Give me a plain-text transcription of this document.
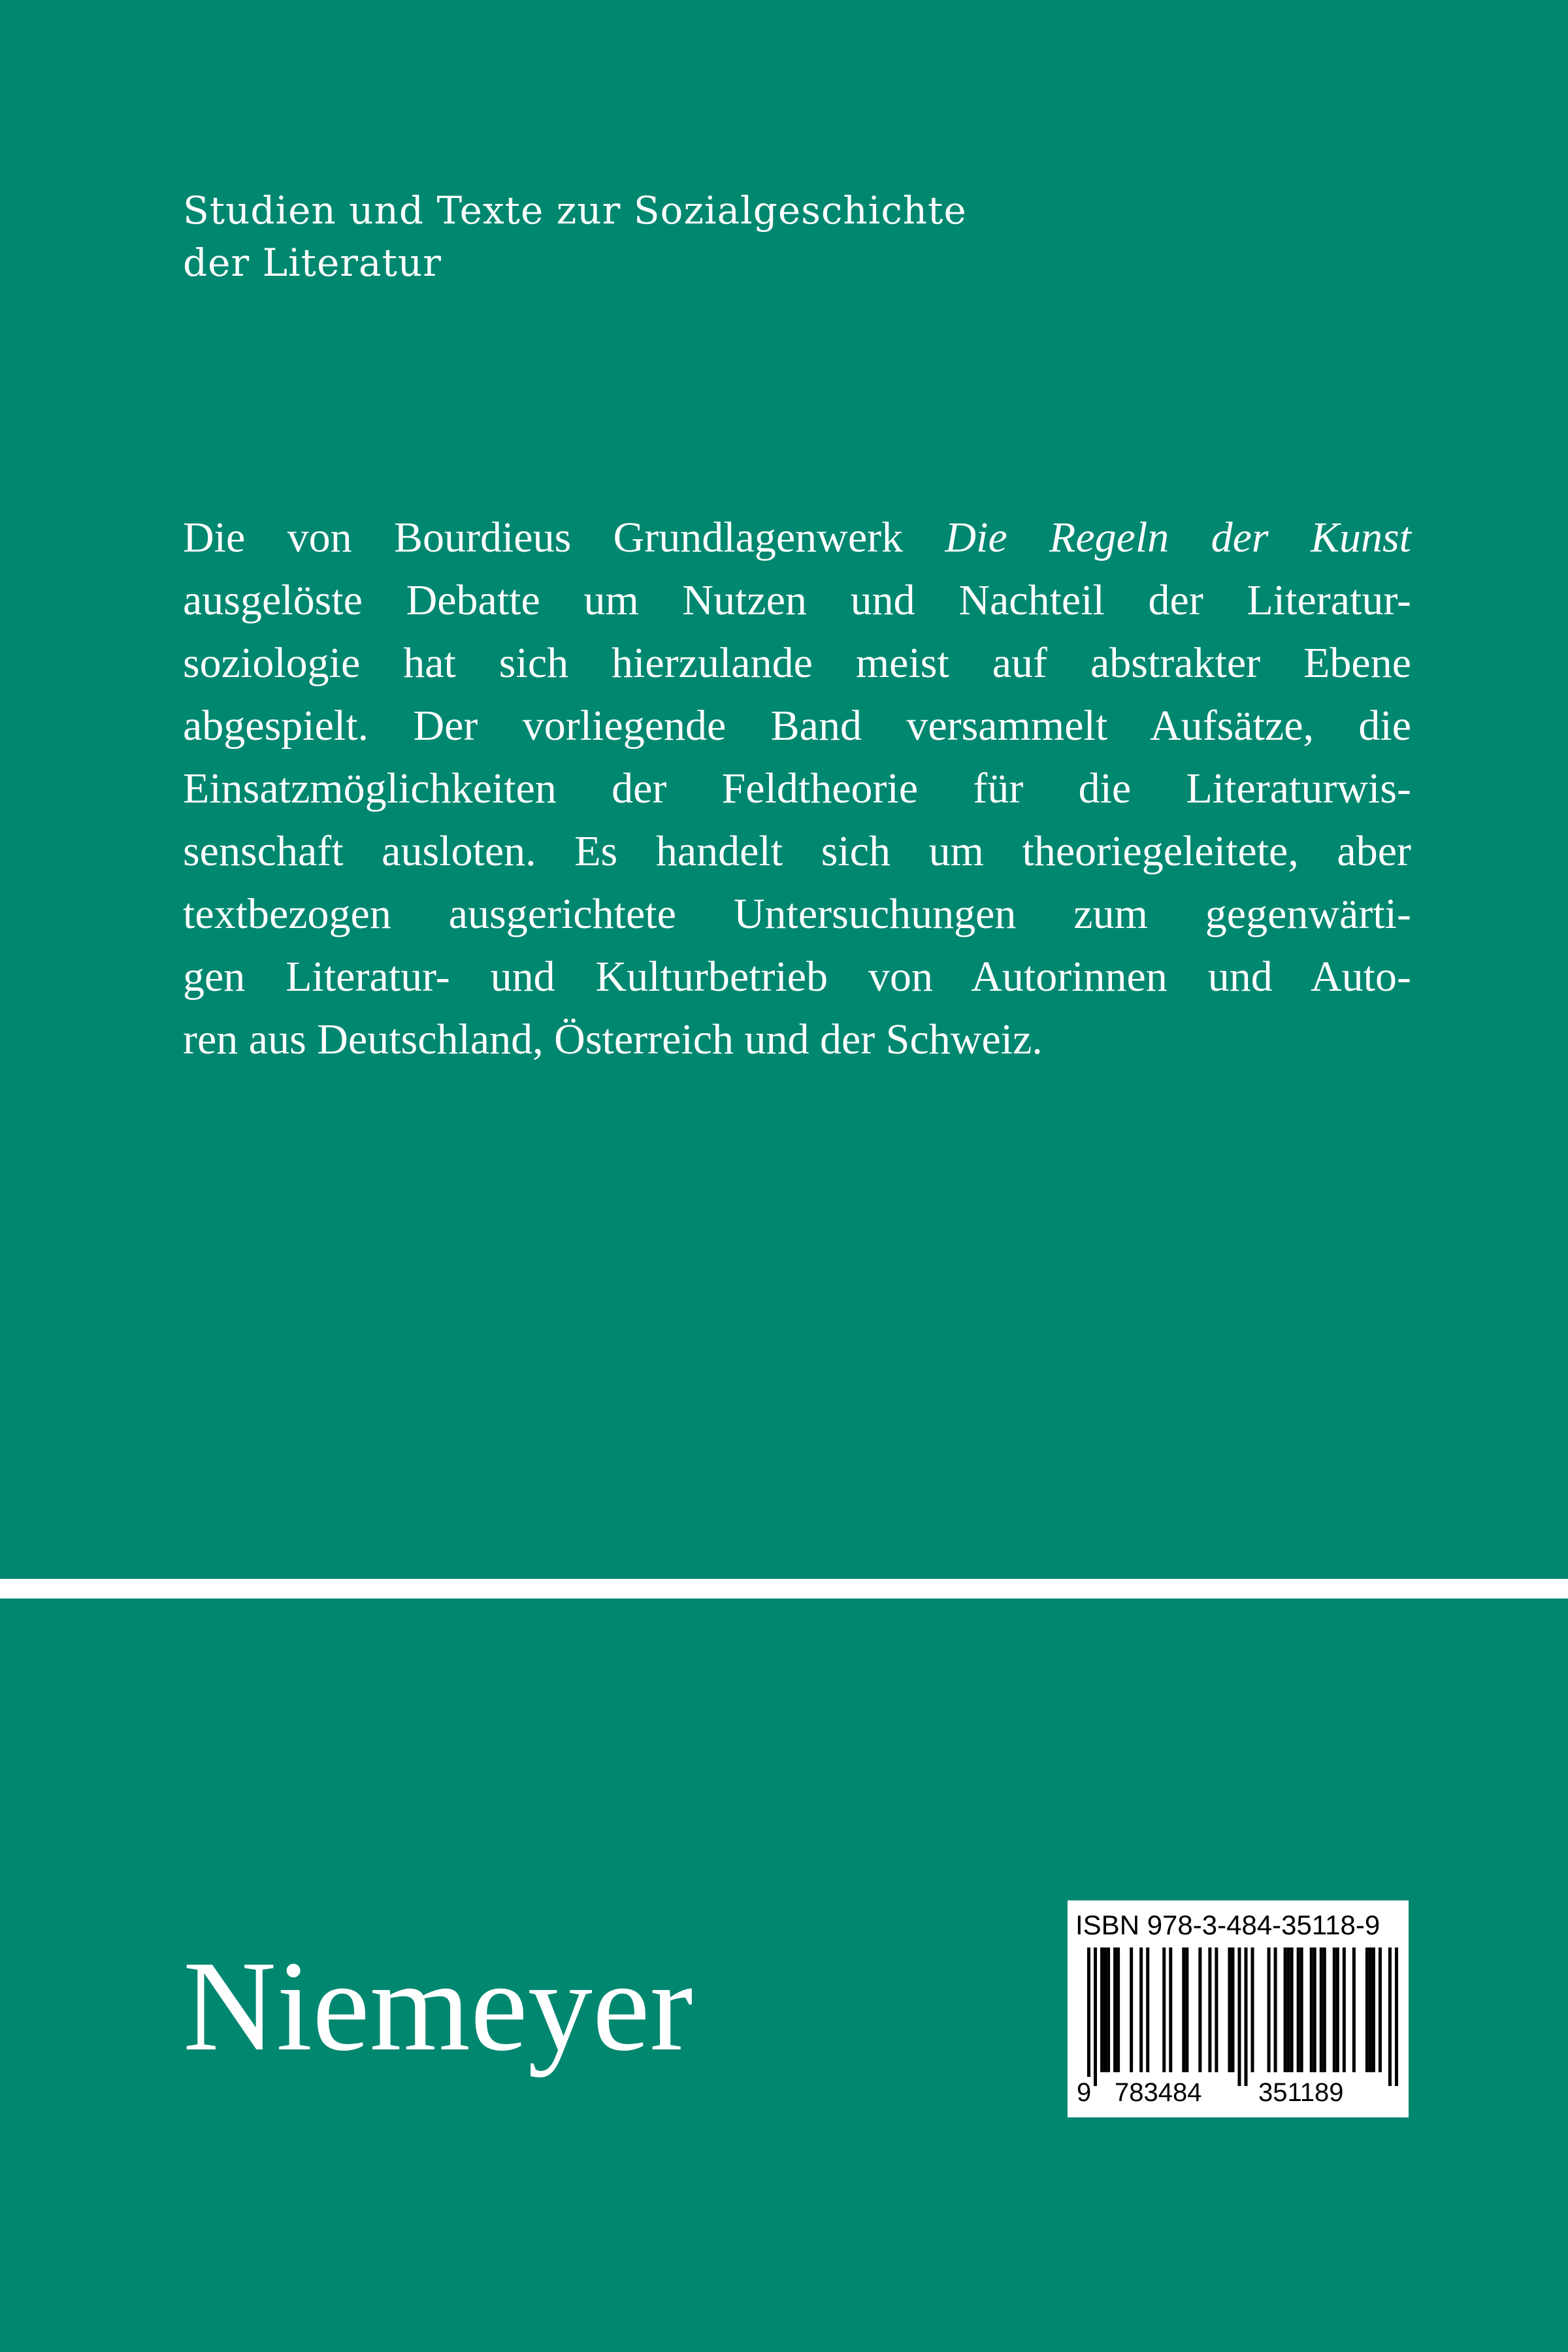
Studien und Texte zur Sozialgeschichte
der Literatur
Die von Bourdieus Grundlagenwerk Die Regeln der Kunst
ausgelöste Debatte um Nutzen und Nachteil der Literatur-
soziologie hat sich hierzulande meist auf abstrakter Ebene
abgespielt. Der vorliegende Band versammelt Aufsätze, die
Einsatzmöglichkeiten der Feldtheorie für die Literaturwis-
senschaft ausloten. Es handelt sich um theoriegeleitete, aber
textbezogen ausgerichtete Untersuchungen zum gegenwärti-
gen Literatur- und Kulturbetrieb von Autorinnen und Auto-
ren aus Deutschland, Österreich und der Schweiz.
Niemeyer
ISBN 978-3-484-35118-9
9 783484 351189
